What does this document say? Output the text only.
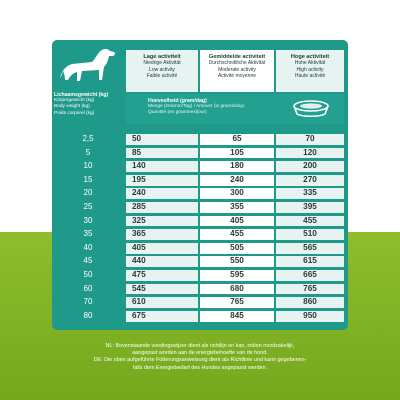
Lage activiteit
Niedrige Aktivität
Low activity
Faible activité
Gemiddelde activiteit
Durchschnittliche Aktivität
Moderate activity
Activité moyenne
Hoge activiteit
Hohe Aktivität
High activity
Haute activité
Lichaamsgewicht (kg)
Körpergewicht (kg)
Body weight (kg)
Poids corporel (kg)
Hoeveelheid (gram/dag)
Menge (Gramm/Tag) / Amount (in grams/day)
Quantité (en grammes/jour)
2,5	50	65	70
5	85	105	120
10	140	180	200
15	195	240	270
20	240	300	335
25	285	355	395
30	325	405	455
35	365	455	510
40	405	505	565
45	440	550	615
50	475	595	665
60	545	680	765
70	610	765	860
80	675	845	950
NL: Bovenstaande voedingswijzer dient als richtlijn en kan, indien noodzakelijk,
aangepast worden aan de energiebehoefte van de hond.
DE: Die oben aufgeführte Fütterungsanweisung dient als Richtlinie und kann gegebenen-
falls dem Energiebedarf des Hundes angepasst werden.
